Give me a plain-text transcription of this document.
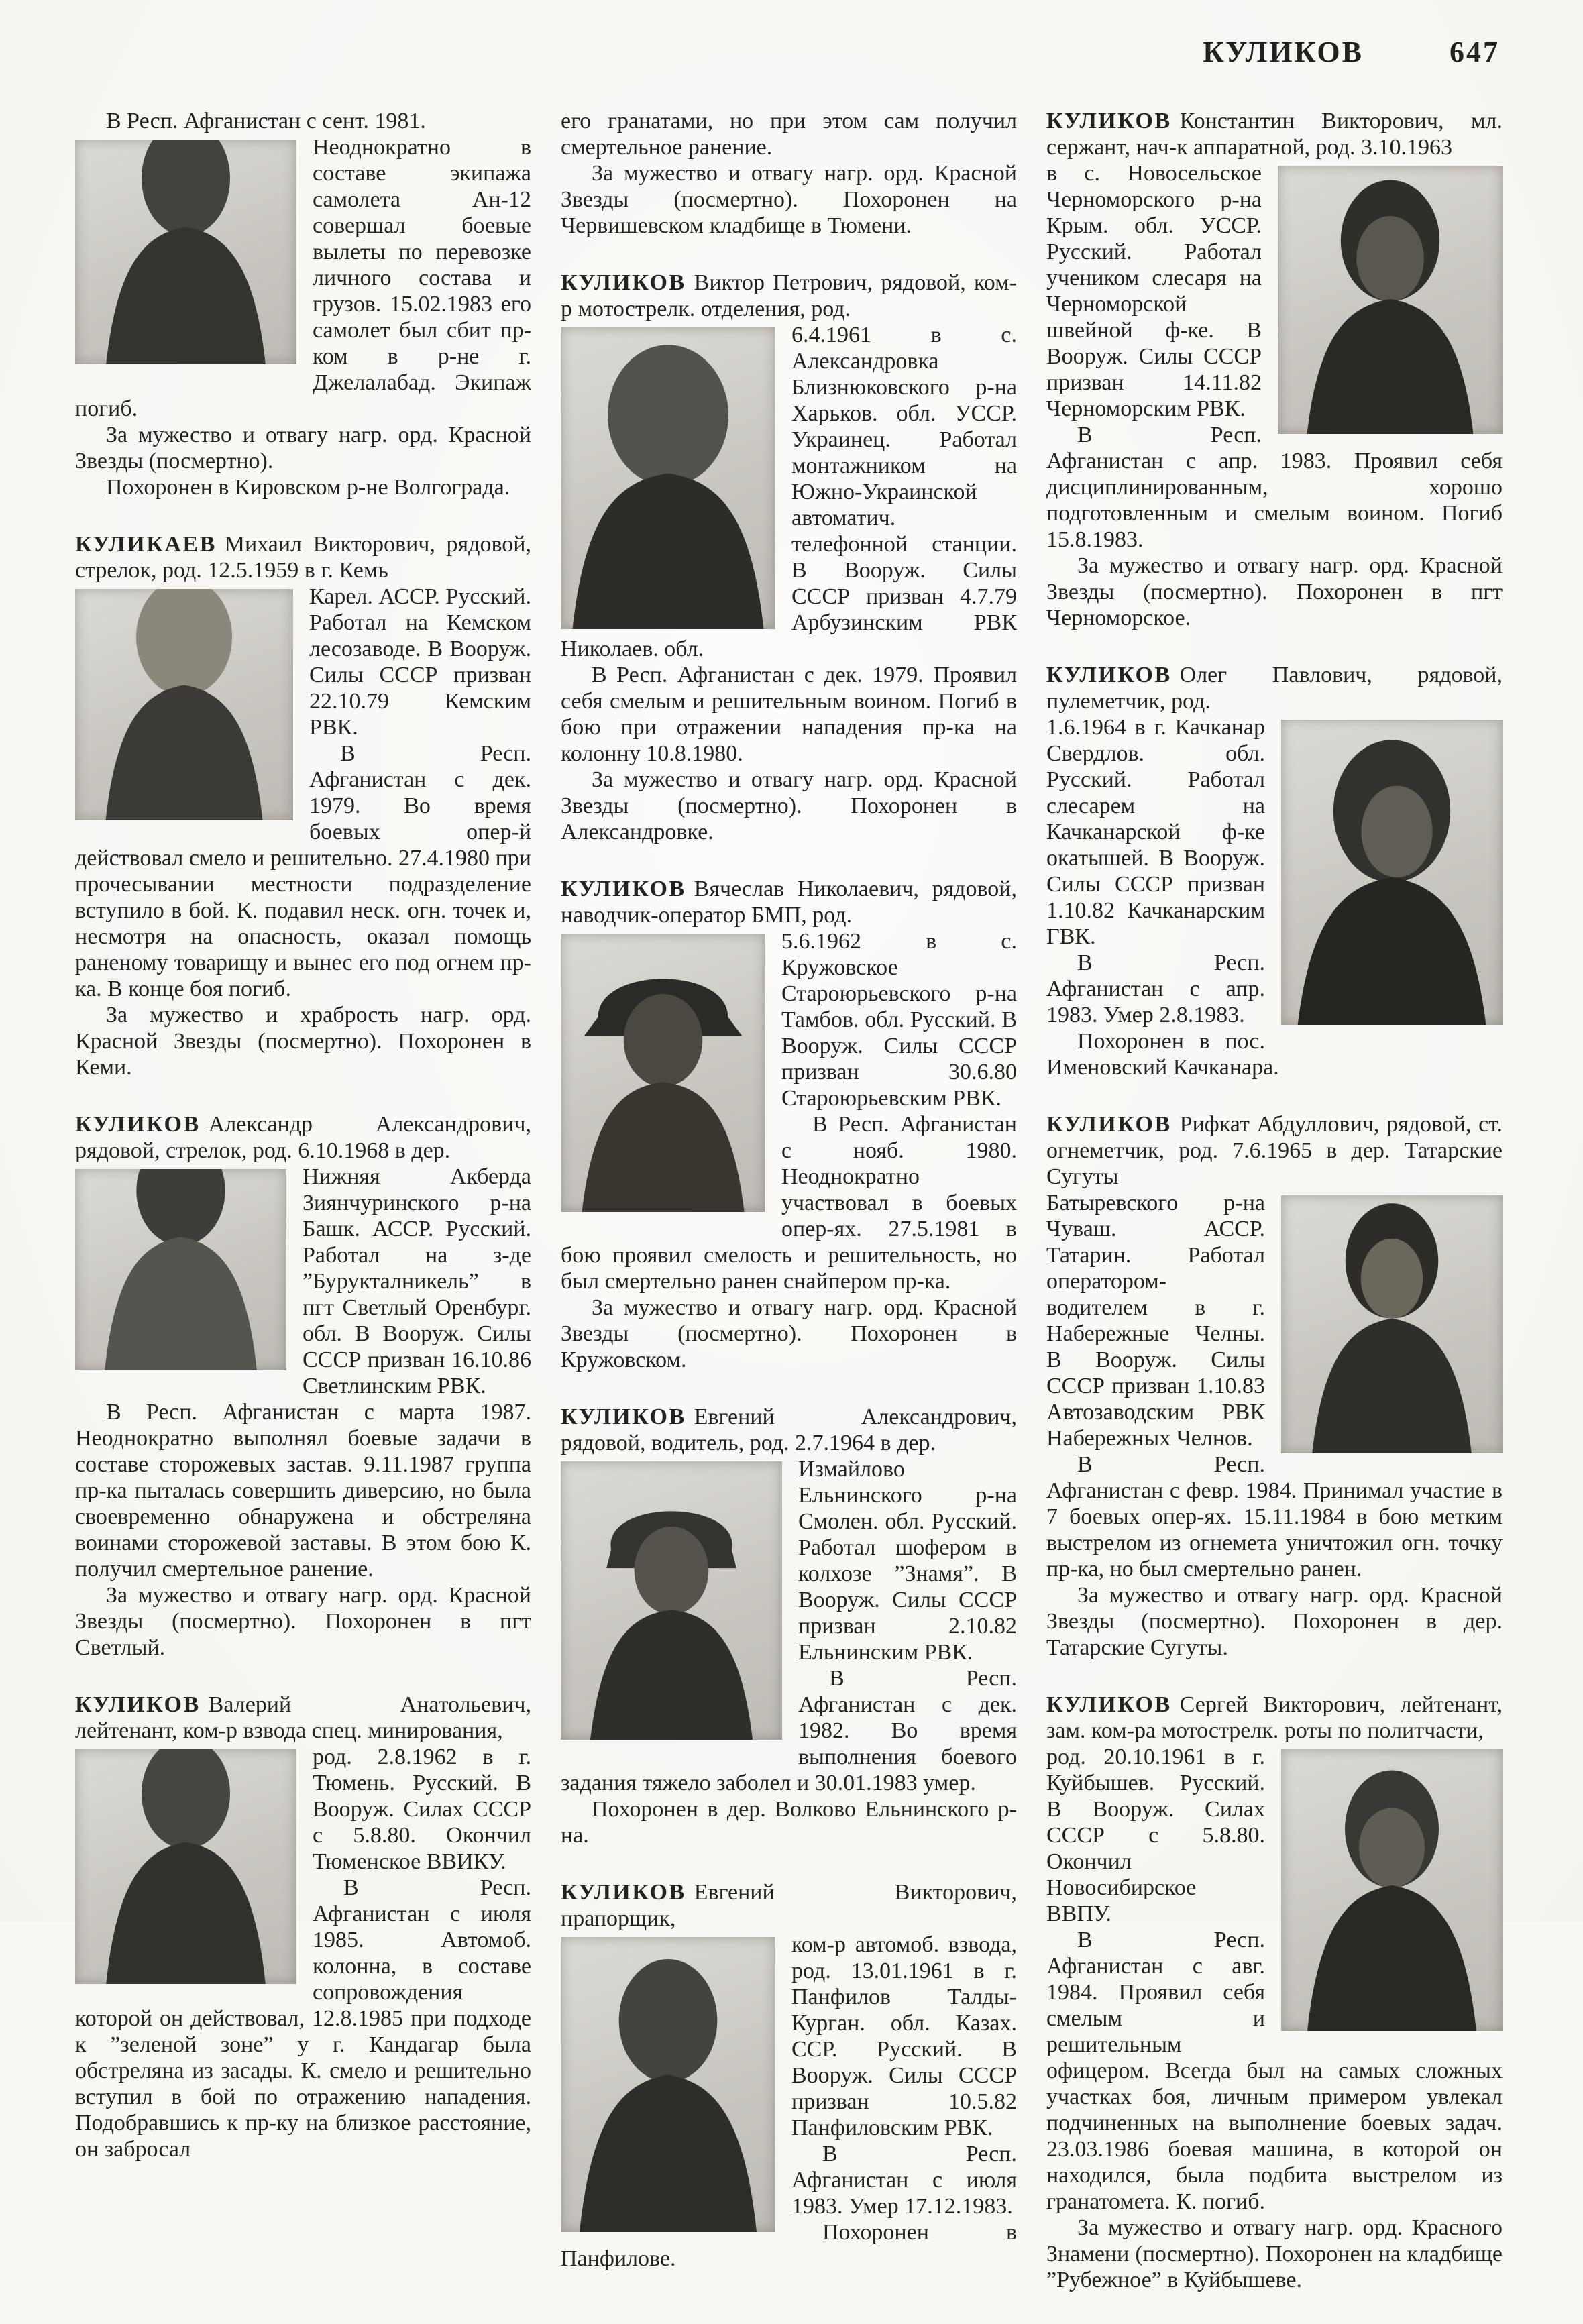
КУЛИКОВ	647

В Респ. Афганистан с сент. 1981.

Неоднократно в составе экипажа самолета Ан-12 совершал боевые вылеты по перевозке личного состава и грузов. 15.02.1983 его самолет был сбит пр-ком в р-не г. Джелалабад. Экипаж погиб.

За мужество и отвагу нагр. орд. Красной Звезды (посмертно).

Похоронен в Кировском р-не Волгограда.

КУЛИКАЕВ Михаил Викторович, рядовой, стрелок, род. 12.5.1959 в г. Кемь

Карел. АССР. Русский. Работал на Кемском лесозаводе. В Вооруж. Силы СССР призван 22.10.79 Кемским РВК.

В Респ. Афганистан с дек. 1979. Во время боевых опер-й действовал смело и решительно. 27.4.1980 при прочесывании местности подразделение вступило в бой. К. подавил неск. огн. точек и, несмотря на опасность, оказал помощь раненому товарищу и вынес его под огнем пр-ка. В конце боя погиб.

За мужество и храбрость нагр. орд. Красной Звезды (посмертно). Похоронен в Кеми.

КУЛИКОВ Александр Александрович, рядовой, стрелок, род. 6.10.1968 в дер.

Нижняя Акберда Зиянчуринского р-на Башк. АССР. Русский. Работал на з-де ”Бурукталникель” в пгт Светлый Оренбург. обл. В Вооруж. Силы СССР призван 16.10.86 Светлинским РВК.

В Респ. Афганистан с марта 1987. Неоднократно выполнял боевые задачи в составе сторожевых застав. 9.11.1987 группа пр-ка пыталась совершить диверсию, но была своевременно обнаружена и обстреляна воинами сторожевой заставы. В этом бою К. получил смертельное ранение.

За мужество и отвагу нагр. орд. Красной Звезды (посмертно). Похоронен в пгт Светлый.

КУЛИКОВ Валерий Анатольевич, лейтенант, ком-р взвода спец. минирования,

род. 2.8.1962 в г. Тюмень. Русский. В Вооруж. Силах СССР с 5.8.80. Окончил Тюменское ВВИКУ.

В Респ. Афганистан с июля 1985. Автомоб. колонна, в составе сопровождения которой он действовал, 12.8.1985 при подходе к ”зеленой зоне” у г. Кандагар была обстреляна из засады. К. смело и решительно вступил в бой по отражению нападения. Подобравшись к пр-ку на близкое расстояние, он забросал

его гранатами, но при этом сам получил смертельное ранение.

За мужество и отвагу нагр. орд. Красной Звезды (посмертно). Похоронен на Червишевском кладбище в Тюмени.

КУЛИКОВ Виктор Петрович, рядовой, ком-р мотострелк. отделения, род.

6.4.1961 в с. Александровка Близнюковского р-на Харьков. обл. УССР. Украинец. Работал монтажником на Южно-Украинской автоматич. телефонной станции. В Вооруж. Силы СССР призван 4.7.79 Арбузинским РВК Николаев. обл.

В Респ. Афганистан с дек. 1979. Проявил себя смелым и решительным воином. Погиб в бою при отражении нападения пр-ка на колонну 10.8.1980.

За мужество и отвагу нагр. орд. Красной Звезды (посмертно). Похоронен в Александровке.

КУЛИКОВ Вячеслав Николаевич, рядовой, наводчик-оператор БМП, род.

5.6.1962 в с. Кружовское Староюрьевского р-на Тамбов. обл. Русский. В Вооруж. Силы СССР призван 30.6.80 Староюрьевским РВК.

В Респ. Афганистан с нояб. 1980. Неоднократно участвовал в боевых опер-ях. 27.5.1981 в бою проявил смелость и решительность, но был смертельно ранен снайпером пр-ка.

За мужество и отвагу нагр. орд. Красной Звезды (посмертно). Похоронен в Кружовском.

КУЛИКОВ Евгений Александрович, рядовой, водитель, род. 2.7.1964 в дер.

Измайлово Ельнинского р-на Смолен. обл. Русский. Работал шофером в колхозе ”Знамя”. В Вооруж. Силы СССР призван 2.10.82 Ельнинским РВК.

В Респ. Афганистан с дек. 1982. Во время выполнения боевого задания тяжело заболел и 30.01.1983 умер.

Похоронен в дер. Волково Ельнинского р-на.

КУЛИКОВ Евгений Викторович, прапорщик,

ком-р автомоб. взвода, род. 13.01.1961 в г. Панфилов Талды-Курган. обл. Казах. ССР. Русский. В Вооруж. Силы СССР призван 10.5.82 Панфиловским РВК.

В Респ. Афганистан с июля 1983. Умер 17.12.1983.

Похоронен в Панфилове.

КУЛИКОВ Константин Викторович, мл. сержант, нач-к аппаратной, род. 3.10.1963

в с. Новосельское Черноморского р-на Крым. обл. УССР. Русский. Работал учеником слесаря на Черноморской швейной ф-ке. В Вооруж. Силы СССР призван 14.11.82 Черноморским РВК.

В Респ. Афганистан с апр. 1983. Проявил себя дисциплинированным, хорошо подготовленным и смелым воином. Погиб 15.8.1983.

За мужество и отвагу нагр. орд. Красной Звезды (посмертно). Похоронен в пгт Черноморское.

КУЛИКОВ Олег Павлович, рядовой, пулеметчик, род.

1.6.1964 в г. Качканар Свердлов. обл. Русский. Работал слесарем на Качканарской ф-ке окатышей. В Вооруж. Силы СССР призван 1.10.82 Качканарским ГВК.

В Респ. Афганистан с апр. 1983. Умер 2.8.1983.

Похоронен в пос. Именовский Качканара.

КУЛИКОВ Рифкат Абдуллович, рядовой, ст. огнеметчик, род. 7.6.1965 в дер. Татарские Сугуты

Батыревского р-на Чуваш. АССР. Татарин. Работал оператором-водителем в г. Набережные Челны. В Вооруж. Силы СССР призван 1.10.83 Автозаводским РВК Набережных Челнов.

В Респ. Афганистан с февр. 1984. Принимал участие в 7 боевых опер-ях. 15.11.1984 в бою метким выстрелом из огнемета уничтожил огн. точку пр-ка, но был смертельно ранен.

За мужество и отвагу нагр. орд. Красной Звезды (посмертно). Похоронен в дер. Татарские Сугуты.

КУЛИКОВ Сергей Викторович, лейтенант, зам. ком-ра мотострелк. роты по политчасти,

род. 20.10.1961 в г. Куйбышев. Русский. В Вооруж. Силах СССР с 5.8.80. Окончил Новосибирское ВВПУ.

В Респ. Афганистан с авг. 1984. Проявил себя смелым и решительным офицером. Всегда был на самых сложных участках боя, личным примером увлекал подчиненных на выполнение боевых задач. 23.03.1986 боевая машина, в которой он находился, была подбита выстрелом из гранатомета. К. погиб.

За мужество и отвагу нагр. орд. Красного Знамени (посмертно). Похоронен на кладбище ”Рубежное” в Куйбышеве.
